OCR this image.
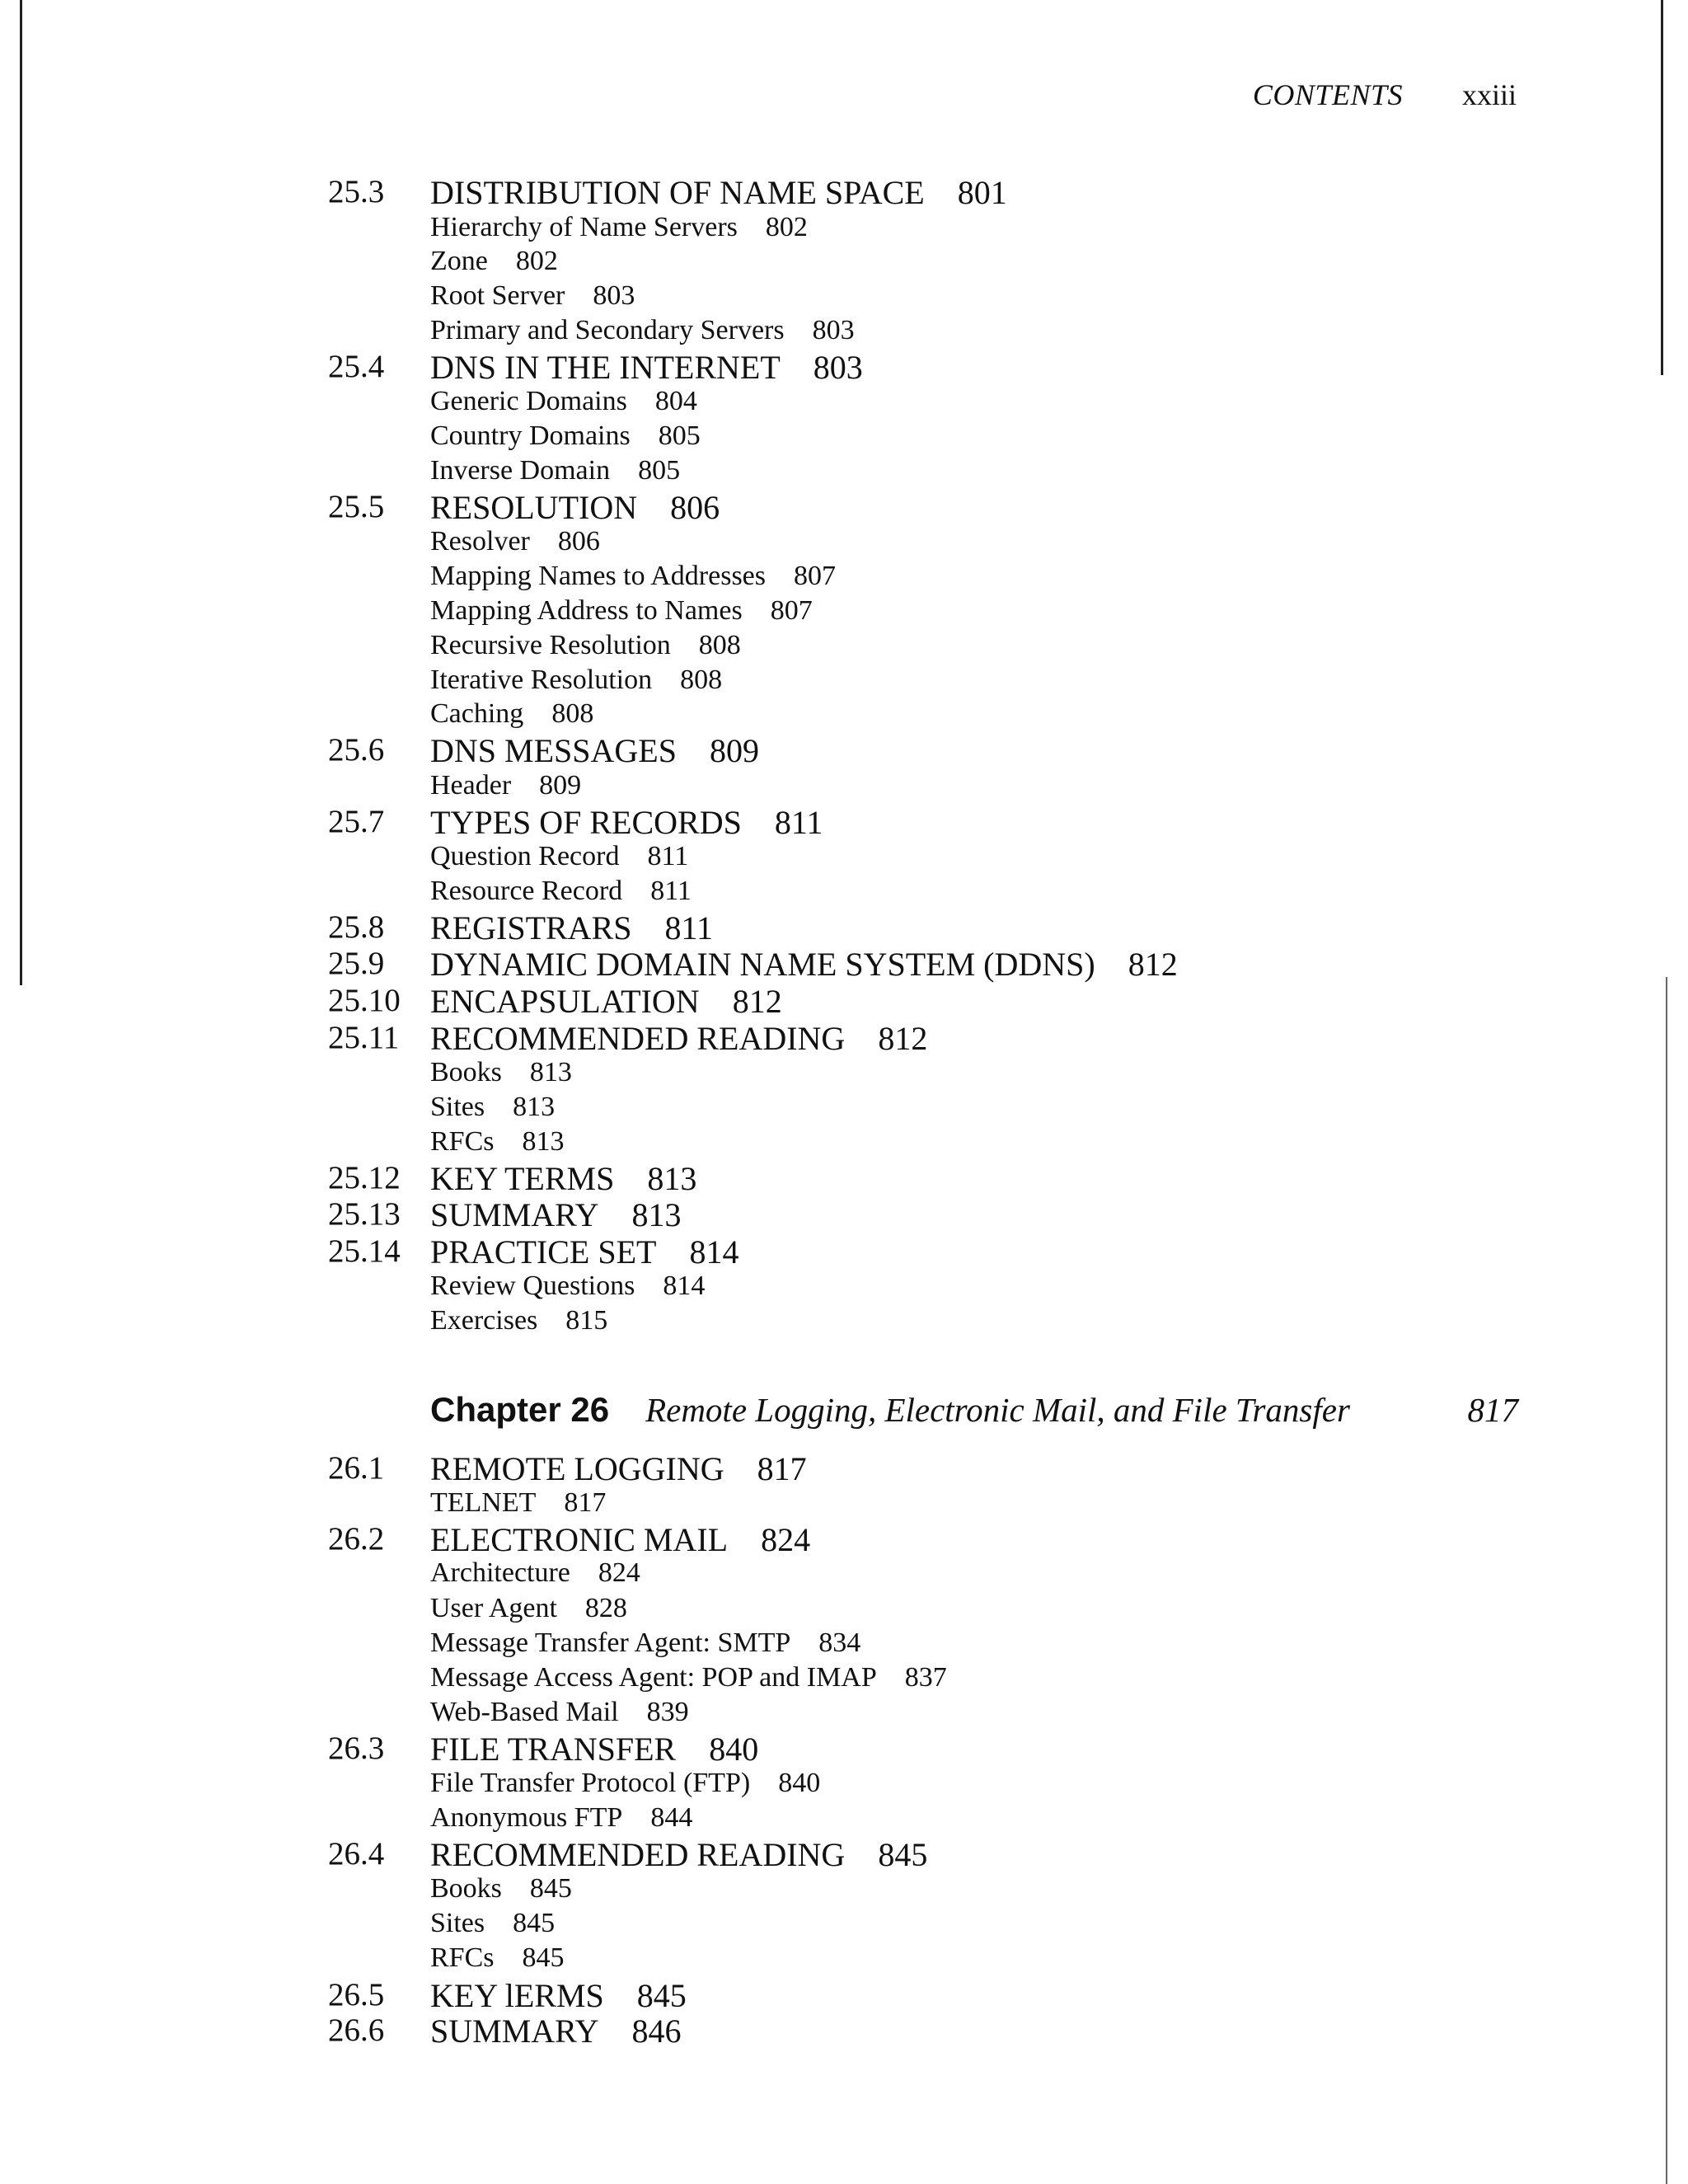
CONTENTS xxiii
25.3 DISTRIBUTION OF NAME SPACE 801
Hierarchy of Name Servers 802
Zone 802
Root Server 803
Primary and Secondary Servers 803
25.4 DNS IN THE INTERNET 803
Generic Domains 804
Country Domains 805
Inverse Domain 805
25.5 RESOLUTION 806
Resolver 806
Mapping Names to Addresses 807
Mapping Address to Names 807
Recursive Resolution 808
Iterative Resolution 808
Caching 808
25.6 DNS MESSAGES 809
Header 809
25.7 TYPES OF RECORDS 811
Question Record 811
Resource Record 811
25.8 REGISTRARS 811
25.9 DYNAMIC DOMAIN NAME SYSTEM (DDNS) 812
25.10 ENCAPSULATION 812
25.11 RECOMMENDED READING 812
Books 813
Sites 813
RFCs 813
25.12 KEY TERMS 813
25.13 SUMMARY 813
25.14 PRACTICE SET 814
Review Questions 814
Exercises 815
Chapter 26 Remote Logging, Electronic Mail, and File Transfer	817
26.1 REMOTE LOGGING 817
TELNET 817
26.2 ELECTRONIC MAIL 824
Architecture 824
User Agent 828
Message Transfer Agent: SMTP 834
Message Access Agent: POP and IMAP 837
Web-Based Mail 839
26.3 FILE TRANSFER 840
File Transfer Protocol (FTP) 840
Anonymous FTP 844
26.4 RECOMMENDED READING 845
Books 845
Sites 845
RFCs 845
26.5 KEY lERMS 845
26.6 SUMMARY 846
